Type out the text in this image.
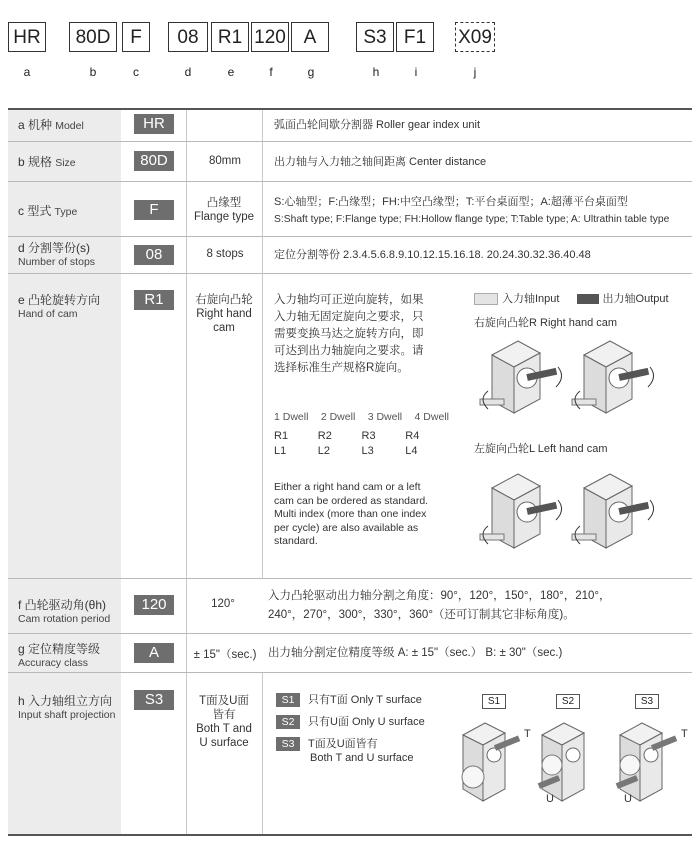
HR	80D	F	08	R1 120 A	S3 F1	X09
a	b	c	d	e	f	g	h	i	j
a 机种 Model	HR	弧面凸轮间歇分割器 Roller gear index unit
b 规格 Size	80D	80mm	出力轴与入力轴之轴间距离 Center distance
c 型式 Type	F	凸缘型
Flange type
S:心轴型；F:凸缘型；FH:中空凸缘型；T:平台桌面型；A:超薄平台桌面型
S:Shaft type; F:Flange type; FH:Hollow flange type; T:Table type; A: Ultrathin table type
d 分割等份(s)
Number of stops	08	8 stops	定位分割等份 2.3.4.5.6.8.9.10.12.15.16.18. 20.24.30.32.36.40.48
e 凸轮旋转方向
Hand of cam
R1	右旋向凸轮
Right hand
cam
入力轴均可正逆向旋转，如果
入力轴无固定旋向之要求，只
需要变换马达之旋转方向，即
可达到出力轴旋向之要求。请
选择标准生产规格R旋向。
1 Dwell 2 Dwell 3 Dwell 4 Dwell
R1	R2	R3	R4
L1	L2	L3	L4
Either a right hand cam or a left
cam can be ordered as standard.
Multi index (more than one index
per cycle) are also available as
standard.
入力轴Input	出力轴Output
右旋向凸轮R Right hand cam
左旋向凸轮L Left hand cam
f 凸轮驱动角(θh)
Cam rotation period
120	120°
入力凸轮驱动出力轴分割之角度：90°，120°，150°，180°，210°，
240°，270°，300°，330°，360°（还可订制其它非标角度)。
g 定位精度等级
Accuracy class
A	± 15"（sec.)	出力轴分割定位精度等级 A: ± 15"（sec.） B: ± 30"（sec.)
h 入力轴组立方向
Input shaft projection
S3	T面及U面
皆有
Both T and
U surface
S1 只有T面 Only T surface
S2 只有U面 Only U surface
S3 T面及U面皆有
Both T and U surface
S1	S2	S3
T
U
T
U
